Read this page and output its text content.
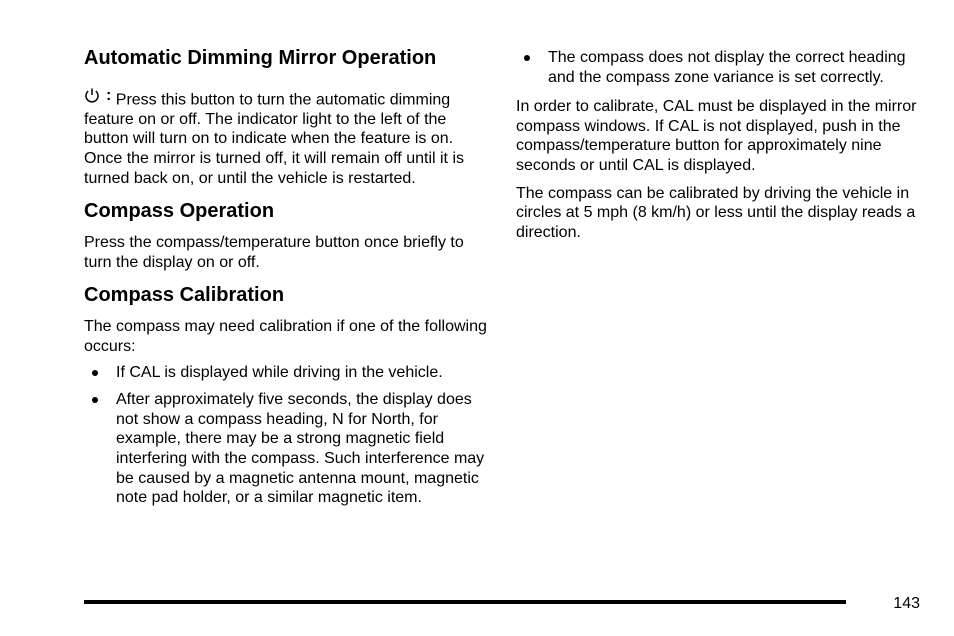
Automatic Dimming Mirror Operation

: Press this button to turn the automatic dimming feature on or off. The indicator light to the left of the button will turn on to indicate when the feature is on. Once the mirror is turned off, it will remain off until it is turned back on, or until the vehicle is restarted.

Compass Operation

Press the compass/temperature button once briefly to turn the display on or off.

Compass Calibration

The compass may need calibration if one of the following occurs:

If CAL is displayed while driving in the vehicle.
After approximately five seconds, the display does not show a compass heading, N for North, for example, there may be a strong magnetic field interfering with the compass. Such interference may be caused by a magnetic antenna mount, magnetic note pad holder, or a similar magnetic item.
The compass does not display the correct heading and the compass zone variance is set correctly.

In order to calibrate, CAL must be displayed in the mirror compass windows. If CAL is not displayed, push in the compass/temperature button for approximately nine seconds or until CAL is displayed.

The compass can be calibrated by driving the vehicle in circles at 5 mph (8 km/h) or less until the display reads a direction.

143
